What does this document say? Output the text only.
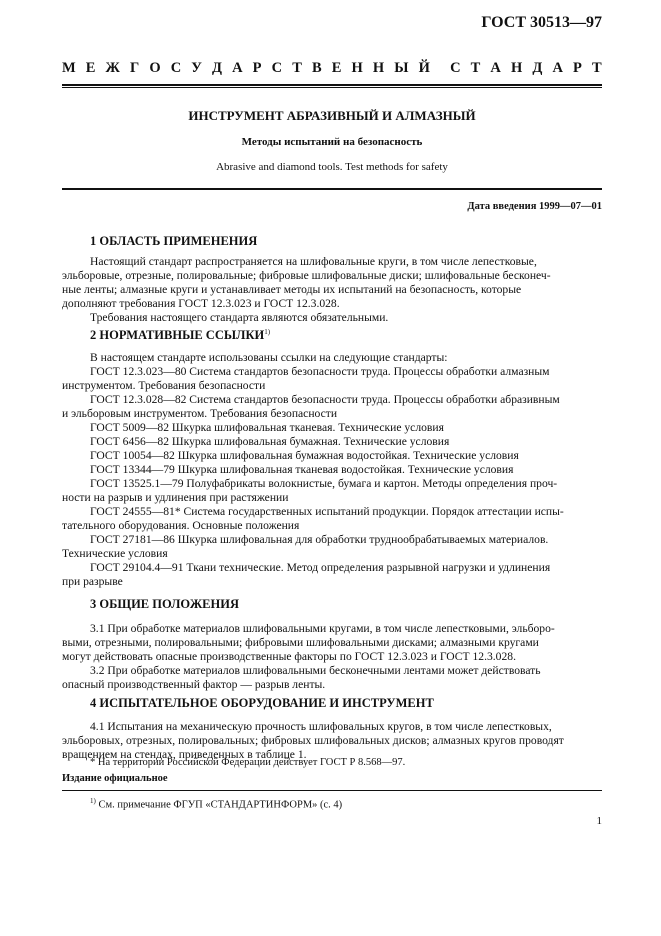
ГОСТ 30513—97
М Е Ж Г О С У Д А Р С Т В Е Н Н Ы Й С Т А Н Д А Р Т
ИНСТРУМЕНТ АБРАЗИВНЫЙ И АЛМАЗНЫЙ
Методы испытаний на безопасность
Abrasive and diamond tools. Test methods for safety
Дата введения 1999—07—01
1 ОБЛАСТЬ ПРИМЕНЕНИЯ
Настоящий стандарт распространяется на шлифовальные круги, в том числе лепестковые,
эльборовые, отрезные, полировальные; фибровые шлифовальные диски; шлифовальные бесконеч-
ные ленты; алмазные круги и устанавливает методы их испытаний на безопасность, которые
дополняют требования ГОСТ 12.3.023 и ГОСТ 12.3.028.
Требования настоящего стандарта являются обязательными.
2 НОРМАТИВНЫЕ ССЫЛКИ$^{1)}$
В настоящем стандарте использованы ссылки на следующие стандарты:
ГОСТ 12.3.023—80 Система стандартов безопасности труда. Процессы обработки алмазным
инструментом. Требования безопасности
ГОСТ 12.3.028—82 Система стандартов безопасности труда. Процессы обработки абразивным
и эльборовым инструментом. Требования безопасности
ГОСТ 5009—82 Шкурка шлифовальная тканевая. Технические условия
ГОСТ 6456—82 Шкурка шлифовальная бумажная. Технические условия
ГОСТ 10054—82 Шкурка шлифовальная бумажная водостойкая. Технические условия
ГОСТ 13344—79 Шкурка шлифовальная тканевая водостойкая. Технические условия
ГОСТ 13525.1—79 Полуфабрикаты волокнистые, бумага и картон. Методы определения проч-
ности на разрыв и удлинения при растяжении
ГОСТ 24555—81* Система государственных испытаний продукции. Порядок аттестации испы-
тательного оборудования. Основные положения
ГОСТ 27181—86 Шкурка шлифовальная для обработки труднообрабатываемых материалов.
Технические условия
ГОСТ 29104.4—91 Ткани технические. Метод определения разрывной нагрузки и удлинения
при разрыве
3 ОБЩИЕ ПОЛОЖЕНИЯ
3.1 При обработке материалов шлифовальными кругами, в том числе лепестковыми, эльборо-
выми, отрезными, полировальными; фибровыми шлифовальными дисками; алмазными кругами
могут действовать опасные производственные факторы по ГОСТ 12.3.023 и ГОСТ 12.3.028.
3.2 При обработке материалов шлифовальными бесконечными лентами может действовать
опасный производственный фактор — разрыв ленты.
4 ИСПЫТАТЕЛЬНОЕ ОБОРУДОВАНИЕ И ИНСТРУМЕНТ
4.1 Испытания на механическую прочность шлифовальных кругов, в том числе лепестковых,
эльборовых, отрезных, полировальных; фибровых шлифовальных дисков; алмазных кругов проводят
вращением на стендах, приведенных в таблице 1.
* На территории Российской Федерации действует ГОСТ Р 8.568—97.
Издание официальное
$^{1)}$ См. примечание ФГУП «СТАНДАРТИНФОРМ» (с. 4)
1
